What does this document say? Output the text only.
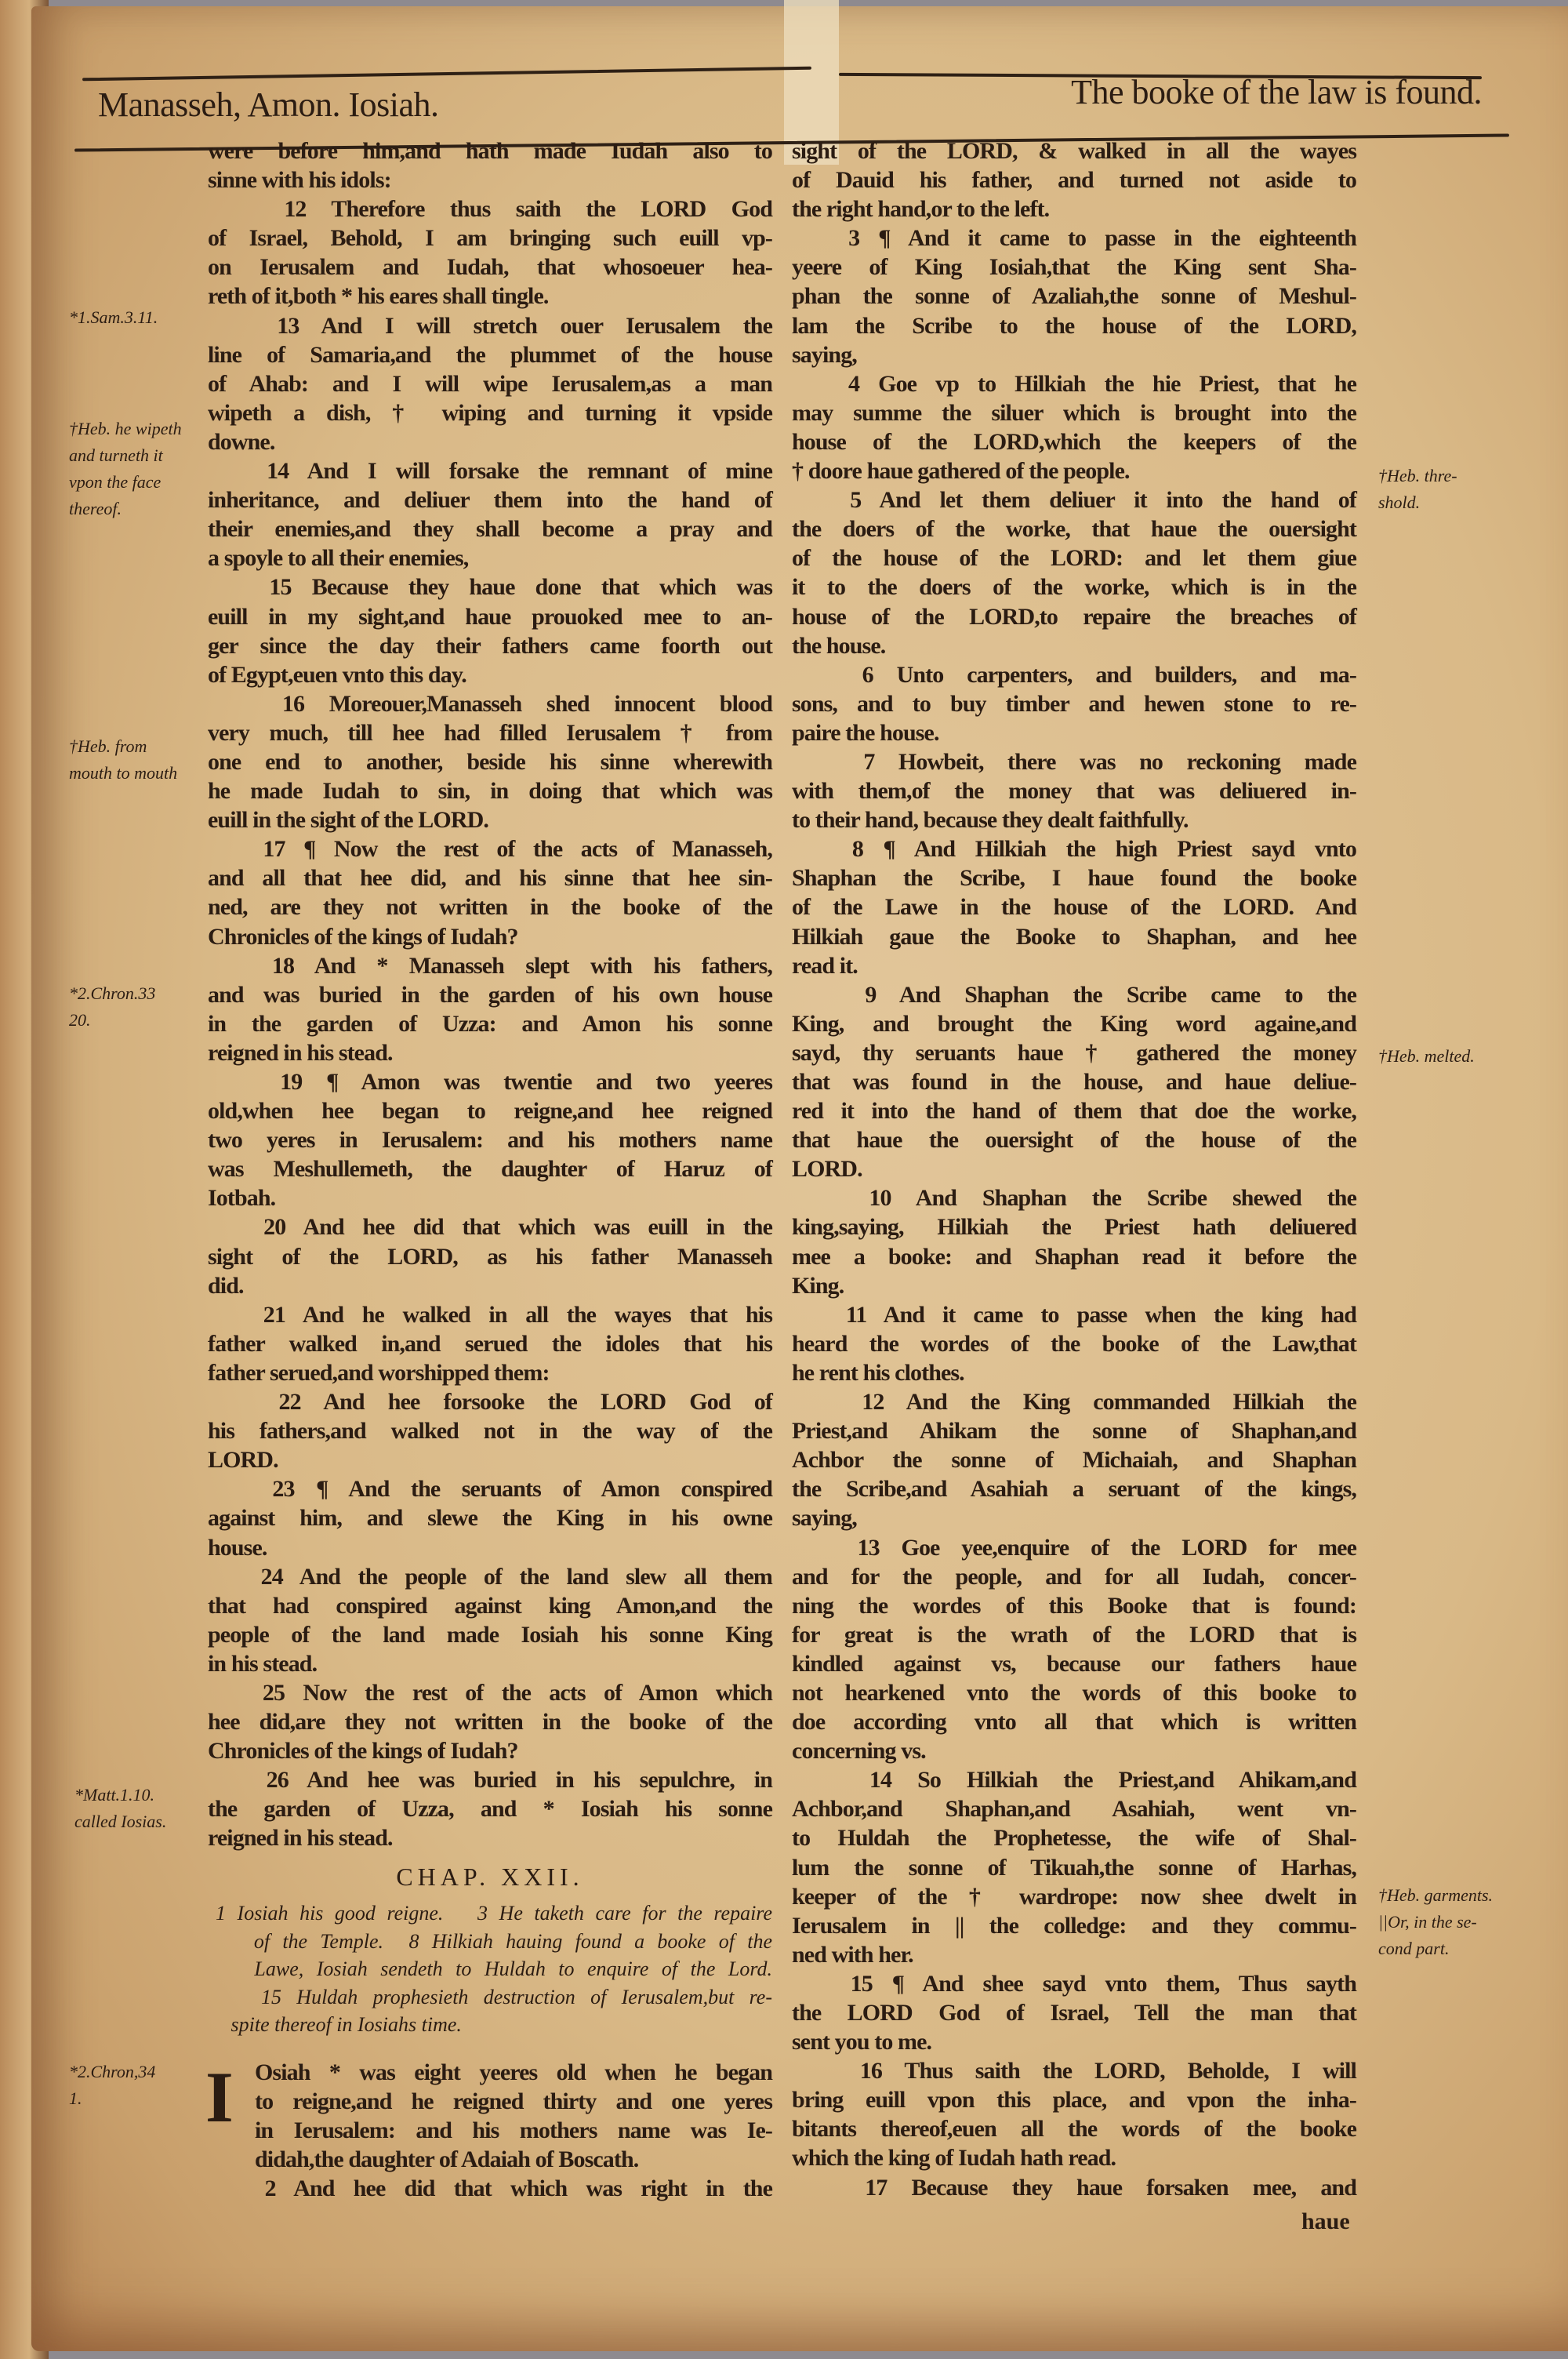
Manasseh, Amon. Iosiah.	The booke of the law is found.
were before him,and hath made Iudah also to
sinne with his idols:
12 Therefore thus saith the LORD God
of Israel, Behold, I am bringing such euill vp-
on Ierusalem and Iudah, that whosoeuer hea-
reth of it,both * his eares shall tingle.
13 And I will stretch ouer Ierusalem the
line of Samaria,and the plummet of the house
of Ahab: and I will wipe Ierusalem,as a man
wipeth a dish, † wiping and turning it vpside
downe.
14 And I will forsake the remnant of mine
inheritance, and deliuer them into the hand of
their enemies,and they shall become a pray and
a spoyle to all their enemies,
15 Because they haue done that which was
euill in my sight,and haue prouoked mee to an-
ger since the day their fathers came foorth out
of Egypt,euen vnto this day.
16 Moreouer,Manasseh shed innocent blood
very much, till hee had filled Ierusalem † from
one end to another, beside his sinne wherewith
he made Iudah to sin, in doing that which was
euill in the sight of the LORD.
17 ¶ Now the rest of the acts of Manasseh,
and all that hee did, and his sinne that hee sin-
ned, are they not written in the booke of the
Chronicles of the kings of Iudah?
18 And * Manasseh slept with his fathers,
and was buried in the garden of his own house
in the garden of Uzza: and Amon his sonne
reigned in his stead.
19 ¶ Amon was twentie and two yeeres
old,when hee began to reigne,and hee reigned
two yeres in Ierusalem: and his mothers name
was Meshullemeth, the daughter of Haruz of
Iotbah.
20 And hee did that which was euill in the
sight of the LORD, as his father Manasseh
did.
21 And he walked in all the wayes that his
father walked in,and serued the idoles that his
father serued,and worshipped them:
22 And hee forsooke the LORD God of
his fathers,and walked not in the way of the
LORD.
23 ¶ And the seruants of Amon conspired
against him, and slewe the King in his owne
house.
24 And the people of the land slew all them
that had conspired against king Amon,and the
people of the land made Iosiah his sonne King
in his stead.
25 Now the rest of the acts of Amon which
hee did,are they not written in the booke of the
Chronicles of the kings of Iudah?
26 And hee was buried in his sepulchre, in
the garden of Uzza, and * Iosiah his sonne
reigned in his stead.
sight of the LORD, & walked in all the wayes
of Dauid his father, and turned not aside to
the right hand,or to the left.
3 ¶ And it came to passe in the eighteenth
yeere of King Iosiah,that the King sent Sha-
phan the sonne of Azaliah,the sonne of Meshul-
lam the Scribe to the house of the LORD,
saying,
4 Goe vp to Hilkiah the hie Priest, that he
may summe the siluer which is brought into the
house of the LORD,which the keepers of the
† doore haue gathered of the people.
5 And let them deliuer it into the hand of
the doers of the worke, that haue the ouersight
of the house of the LORD: and let them giue
it to the doers of the worke, which is in the
house of the LORD,to repaire the breaches of
the house.
6 Unto carpenters, and builders, and ma-
sons, and to buy timber and hewen stone to re-
paire the house.
7 Howbeit, there was no reckoning made
with them,of the money that was deliuered in-
to their hand, because they dealt faithfully.
8 ¶ And Hilkiah the high Priest sayd vnto
Shaphan the Scribe, I haue found the booke
of the Lawe in the house of the LORD. And
Hilkiah gaue the Booke to Shaphan, and hee
read it.
9 And Shaphan the Scribe came to the
King, and brought the King word againe,and
sayd, thy seruants haue † gathered the money
that was found in the house, and haue deliue-
red it into the hand of them that doe the worke,
that haue the ouersight of the house of the
LORD.
10 And Shaphan the Scribe shewed the
king,saying, Hilkiah the Priest hath deliuered
mee a booke: and Shaphan read it before the
King.
11 And it came to passe when the king had
heard the wordes of the booke of the Law,that
he rent his clothes.
12 And the King commanded Hilkiah the
Priest,and Ahikam the sonne of Shaphan,and
Achbor the sonne of Michaiah, and Shaphan
the Scribe,and Asahiah a seruant of the kings,
saying,
13 Goe yee,enquire of the LORD for mee
and for the people, and for all Iudah, concer-
ning the wordes of this Booke that is found:
for great is the wrath of the LORD that is
kindled against vs, because our fathers haue
not hearkened vnto the words of this booke to
doe according vnto all that which is written
concerning vs.
14 So Hilkiah the Priest,and Ahikam,and
Achbor,and Shaphan,and Asahiah, went vn-
to Huldah the Prophetesse, the wife of Shal-
lum the sonne of Tikuah,the sonne of Harhas,
keeper of the † wardrope: now shee dwelt in
Ierusalem in || the colledge: and they commu-
ned with her.
15 ¶ And shee sayd vnto them, Thus sayth
the LORD God of Israel, Tell the man that
sent you to me.
16 Thus saith the LORD, Beholde, I will
bring euill vpon this place, and vpon the inha-
bitants thereof,euen all the words of the booke
which the king of Iudah hath read.
17 Because they haue forsaken mee, and
CHAP. XXII.
1 Iosiah his good reigne.   3 He taketh care for the repaire
of the Temple.  8 Hilkiah hauing found a booke of the
Lawe, Iosiah sendeth to Huldah to enquire of the Lord.
15 Huldah prophesieth destruction of Ierusalem,but re-
spite thereof in Iosiahs time.
I Osiah * was eight yeeres old when he began
to reigne,and he reigned thirty and one yeres
in Ierusalem: and his mothers name was Ie-
didah,the daughter of Adaiah of Boscath.
2 And hee did that which was right in the
haue
*1.Sam.3.11.
†Heb. he wipeth
and turneth it
vpon the face
thereof.
†Heb. from
mouth to mouth
*2.Chron.33
20.
*Matt.1.10.
called Iosias.
*2.Chron,34
1.
†Heb. thre-
shold.
†Heb. melted.
†Heb. garments.
||Or, in the se-
cond part.
